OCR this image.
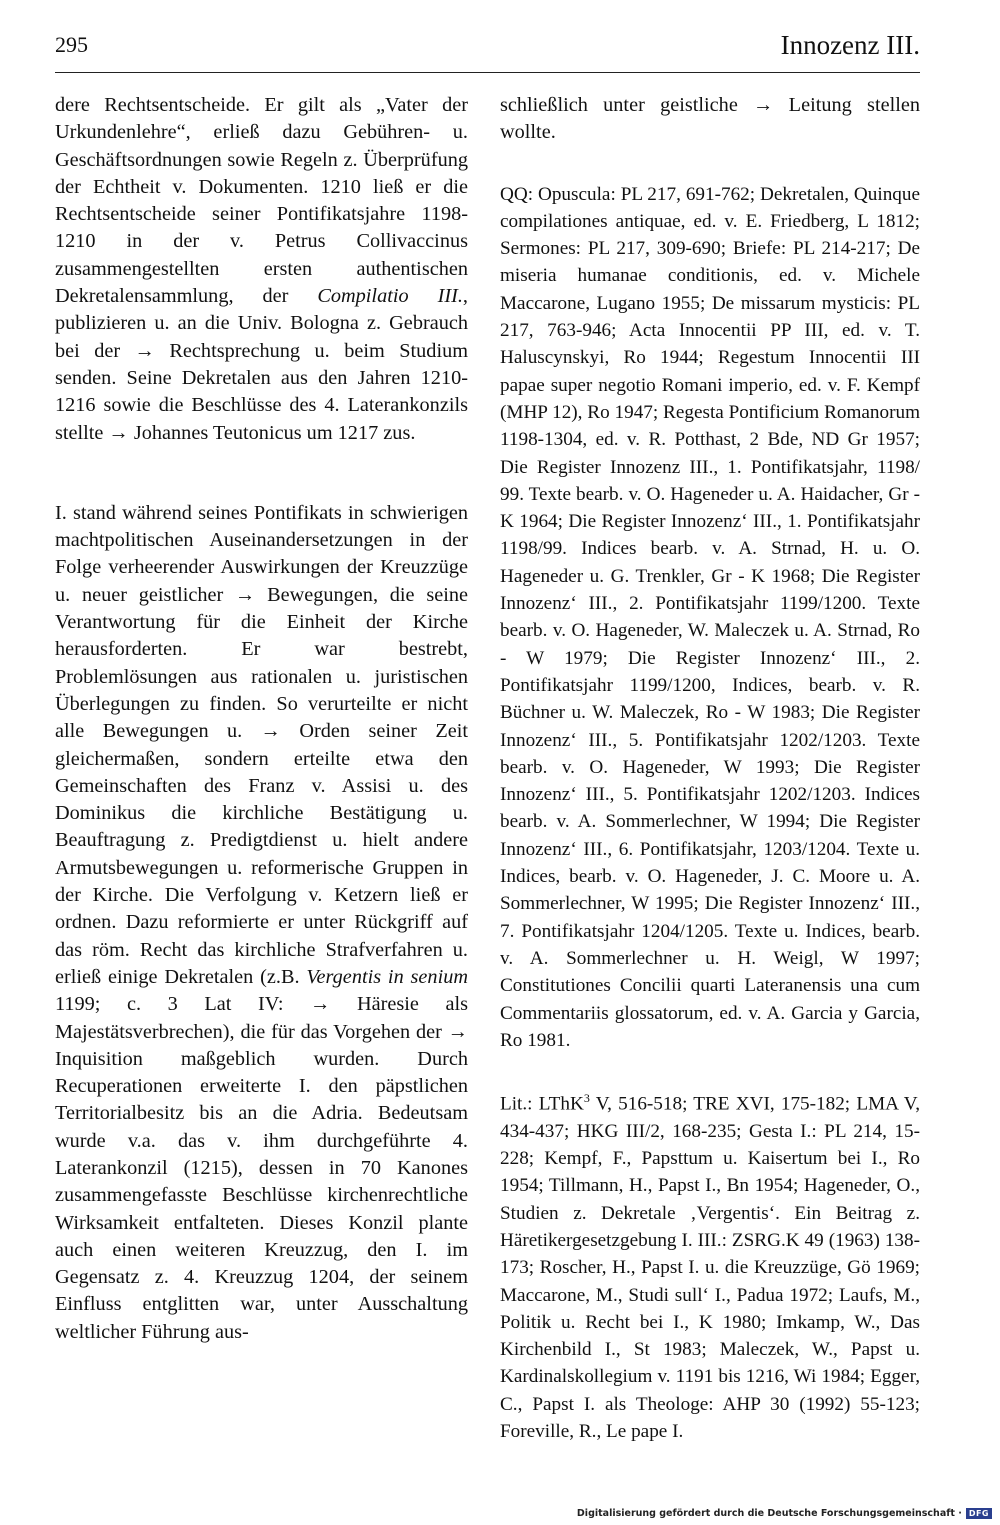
295	Innozenz III.

dere Rechtsentscheide. Er gilt als „Vater der Urkundenlehre“, erließ dazu Gebühren- u. Geschäftsordnungen sowie Regeln z. Überprüfung der Echtheit v. Dokumenten. 1210 ließ er die Rechtsentscheide seiner Pontifikatsjahre 1198-1210 in der v. Petrus Collivaccinus zusammengestellten ersten authentischen Dekretalensammlung, der Compilatio III., publizieren u. an die Univ. Bologna z. Gebrauch bei der → Rechtsprechung u. beim Studium senden. Seine Dekretalen aus den Jahren 1210-1216 sowie die Beschlüsse des 4. Laterankonzils stellte → Johannes Teutonicus um 1217 zus.

I. stand während seines Pontifikats in schwierigen machtpolitischen Auseinandersetzungen in der Folge verheerender Auswirkungen der Kreuzzüge u. neuer geistlicher → Bewegungen, die seine Verantwortung für die Einheit der Kirche herausforderten. Er war bestrebt, Problemlösungen aus rationalen u. juristischen Überlegungen zu finden. So verurteilte er nicht alle Bewegungen u. → Orden seiner Zeit gleichermaßen, sondern erteilte etwa den Gemeinschaften des Franz v. Assisi u. des Dominikus die kirchliche Bestätigung u. Beauftragung z. Predigtdienst u. hielt andere Armutsbewegungen u. reformerische Gruppen in der Kirche. Die Verfolgung v. Ketzern ließ er ordnen. Dazu reformierte er unter Rückgriff auf das röm. Recht das kirchliche Strafverfahren u. erließ einige Dekretalen (z.B. Vergentis in senium 1199; c. 3 Lat IV: → Häresie als Majestätsverbrechen), die für das Vorgehen der → Inquisition maßgeblich wurden. Durch Recuperationen erweiterte I. den päpstlichen Territorialbesitz bis an die Adria. Bedeutsam wurde v.a. das v. ihm durchgeführte 4. Laterankonzil (1215), dessen in 70 Kanones zusammengefasste Beschlüsse kirchenrechtliche Wirksamkeit entfalteten. Dieses Konzil plante auch einen weiteren Kreuzzug, den I. im Gegensatz z. 4. Kreuzzug 1204, der seinem Einfluss entglitten war, unter Ausschaltung weltlicher Führung aus-

schließlich unter geistliche → Leitung stellen wollte.

QQ: Opuscula: PL 217, 691-762; Dekretalen, Quinque compilationes antiquae, ed. v. E. Friedberg, L 1812; Sermones: PL 217, 309-690; Briefe: PL 214-217; De miseria humanae conditionis, ed. v. Michele Maccarone, Lugano 1955; De missarum mysticis: PL 217, 763-946; Acta Innocentii PP III, ed. v. T. Haluscynskyi, Ro 1944; Regestum Innocentii III papae super negotio Romani imperio, ed. v. F. Kempf (MHP 12), Ro 1947; Regesta Pontificium Romanorum 1198-1304, ed. v. R. Potthast, 2 Bde, ND Gr 1957; Die Register Innozenz III., 1. Pontifikatsjahr, 1198/ 99. Texte bearb. v. O. Hageneder u. A. Haidacher, Gr - K 1964; Die Register Innozenz‘ III., 1. Pontifikatsjahr 1198/99. Indices bearb. v. A. Strnad, H. u. O. Hageneder u. G. Trenkler, Gr - K 1968; Die Register Innozenz‘ III., 2. Pontifikatsjahr 1199/1200. Texte bearb. v. O. Hageneder, W. Maleczek u. A. Strnad, Ro - W 1979; Die Register Innozenz‘ III., 2. Pontifikatsjahr 1199/1200, Indices, bearb. v. R. Büchner u. W. Maleczek, Ro - W 1983; Die Register Innozenz‘ III., 5. Pontifikatsjahr 1202/1203. Texte bearb. v. O. Hageneder, W 1993; Die Register Innozenz‘ III., 5. Pontifikatsjahr 1202/1203. Indices bearb. v. A. Sommerlechner, W 1994; Die Register Innozenz‘ III., 6. Pontifikatsjahr, 1203/1204. Texte u. Indices, bearb. v. O. Hageneder, J. C. Moore u. A. Sommerlechner, W 1995; Die Register Innozenz‘ III., 7. Pontifikatsjahr 1204/1205. Texte u. Indices, bearb. v. A. Sommerlechner u. H. Weigl, W 1997; Constitutiones Concilii quarti Lateranensis una cum Commentariis glossatorum, ed. v. A. Garcia y Garcia, Ro 1981.

Lit.: LThK$^3$ V, 516-518; TRE XVI, 175-182; LMA V, 434-437; HKG III/2, 168-235; Gesta I.: PL 214, 15-228; Kempf, F., Papsttum u. Kaisertum bei I., Ro 1954; Tillmann, H., Papst I., Bn 1954; Hageneder, O., Studien z. Dekretale ‚Vergentis‘. Ein Beitrag z. Häretikergesetzgebung I. III.: ZSRG.K 49 (1963) 138-173; Roscher, H., Papst I. u. die Kreuzzüge, Gö 1969; Maccarone, M., Studi sull‘ I., Padua 1972; Laufs, M., Politik u. Recht bei I., K 1980; Imkamp, W., Das Kirchenbild I., St 1983; Maleczek, W., Papst u. Kardinalskollegium v. 1191 bis 1216, Wi 1984; Egger, C., Papst I. als Theologe: AHP 30 (1992) 55-123; Foreville, R., Le pape I.

Digitalisierung gefördert durch die Deutsche Forschungsgemeinschaft · DFG
